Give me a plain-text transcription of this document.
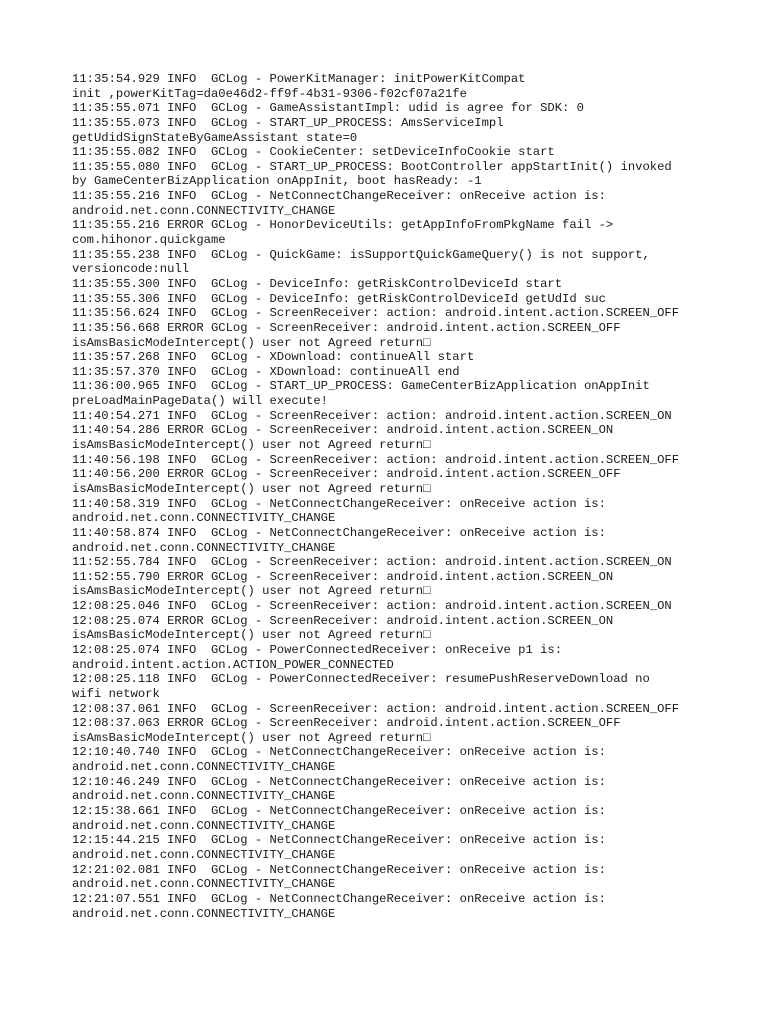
11:35:54.929 INFO  GCLog - PowerKitManager: initPowerKitCompat
init ,powerKitTag=da0e46d2-ff9f-4b31-9306-f02cf07a21fe
11:35:55.071 INFO  GCLog - GameAssistantImpl: udid is agree for SDK: 0
11:35:55.073 INFO  GCLog - START_UP_PROCESS: AmsServiceImpl
getUdidSignStateByGameAssistant state=0
11:35:55.082 INFO  GCLog - CookieCenter: setDeviceInfoCookie start
11:35:55.080 INFO  GCLog - START_UP_PROCESS: BootController appStartInit() invoked
by GameCenterBizApplication onAppInit, boot hasReady: -1
11:35:55.216 INFO  GCLog - NetConnectChangeReceiver: onReceive action is:
android.net.conn.CONNECTIVITY_CHANGE
11:35:55.216 ERROR GCLog - HonorDeviceUtils: getAppInfoFromPkgName fail ->
com.hihonor.quickgame
11:35:55.238 INFO  GCLog - QuickGame: isSupportQuickGameQuery() is not support,
versioncode:null
11:35:55.300 INFO  GCLog - DeviceInfo: getRiskControlDeviceId start
11:35:55.306 INFO  GCLog - DeviceInfo: getRiskControlDeviceId getUdId suc
11:35:56.624 INFO  GCLog - ScreenReceiver: action: android.intent.action.SCREEN_OFF
11:35:56.668 ERROR GCLog - ScreenReceiver: android.intent.action.SCREEN_OFF
isAmsBasicModeIntercept() user not Agreed return□
11:35:57.268 INFO  GCLog - XDownload: continueAll start
11:35:57.370 INFO  GCLog - XDownload: continueAll end
11:36:00.965 INFO  GCLog - START_UP_PROCESS: GameCenterBizApplication onAppInit
preLoadMainPageData() will execute!
11:40:54.271 INFO  GCLog - ScreenReceiver: action: android.intent.action.SCREEN_ON
11:40:54.286 ERROR GCLog - ScreenReceiver: android.intent.action.SCREEN_ON
isAmsBasicModeIntercept() user not Agreed return□
11:40:56.198 INFO  GCLog - ScreenReceiver: action: android.intent.action.SCREEN_OFF
11:40:56.200 ERROR GCLog - ScreenReceiver: android.intent.action.SCREEN_OFF
isAmsBasicModeIntercept() user not Agreed return□
11:40:58.319 INFO  GCLog - NetConnectChangeReceiver: onReceive action is:
android.net.conn.CONNECTIVITY_CHANGE
11:40:58.874 INFO  GCLog - NetConnectChangeReceiver: onReceive action is:
android.net.conn.CONNECTIVITY_CHANGE
11:52:55.784 INFO  GCLog - ScreenReceiver: action: android.intent.action.SCREEN_ON
11:52:55.790 ERROR GCLog - ScreenReceiver: android.intent.action.SCREEN_ON
isAmsBasicModeIntercept() user not Agreed return□
12:08:25.046 INFO  GCLog - ScreenReceiver: action: android.intent.action.SCREEN_ON
12:08:25.074 ERROR GCLog - ScreenReceiver: android.intent.action.SCREEN_ON
isAmsBasicModeIntercept() user not Agreed return□
12:08:25.074 INFO  GCLog - PowerConnectedReceiver: onReceive p1 is:
android.intent.action.ACTION_POWER_CONNECTED
12:08:25.118 INFO  GCLog - PowerConnectedReceiver: resumePushReserveDownload no
wifi network
12:08:37.061 INFO  GCLog - ScreenReceiver: action: android.intent.action.SCREEN_OFF
12:08:37.063 ERROR GCLog - ScreenReceiver: android.intent.action.SCREEN_OFF
isAmsBasicModeIntercept() user not Agreed return□
12:10:40.740 INFO  GCLog - NetConnectChangeReceiver: onReceive action is:
android.net.conn.CONNECTIVITY_CHANGE
12:10:46.249 INFO  GCLog - NetConnectChangeReceiver: onReceive action is:
android.net.conn.CONNECTIVITY_CHANGE
12:15:38.661 INFO  GCLog - NetConnectChangeReceiver: onReceive action is:
android.net.conn.CONNECTIVITY_CHANGE
12:15:44.215 INFO  GCLog - NetConnectChangeReceiver: onReceive action is:
android.net.conn.CONNECTIVITY_CHANGE
12:21:02.081 INFO  GCLog - NetConnectChangeReceiver: onReceive action is:
android.net.conn.CONNECTIVITY_CHANGE
12:21:07.551 INFO  GCLog - NetConnectChangeReceiver: onReceive action is:
android.net.conn.CONNECTIVITY_CHANGE
